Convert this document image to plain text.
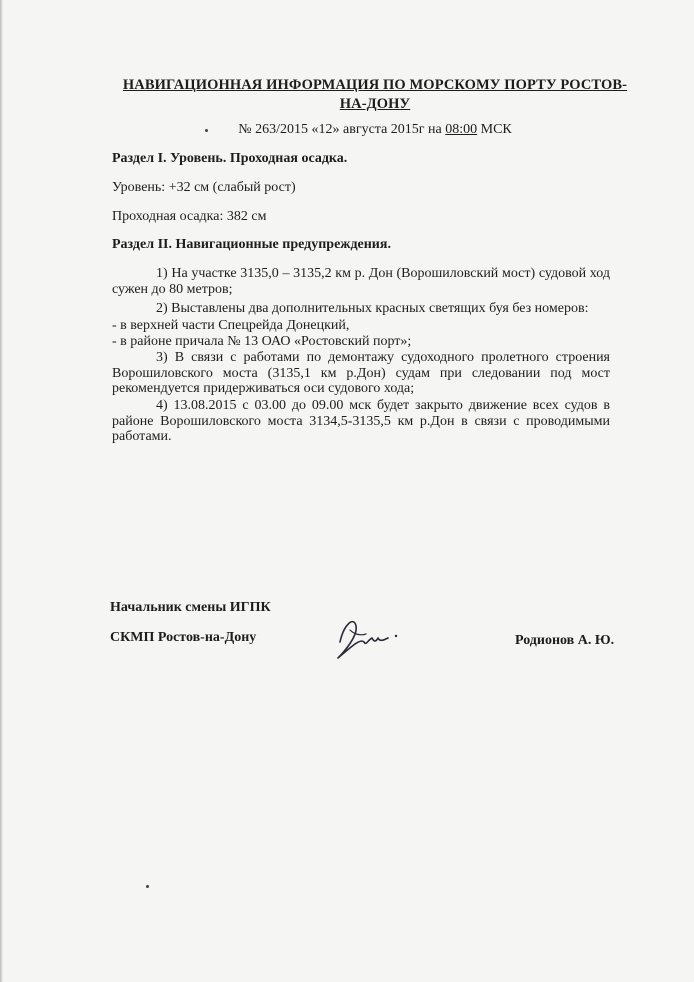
НАВИГАЦИОННАЯ ИНФОРМАЦИЯ ПО МОРСКОМУ ПОРТУ РОСТОВ-НА-ДОНУ
№ 263/2015 «12» августа 2015г на 08:00 МСК
Раздел I. Уровень. Проходная осадка.
Уровень: +32 см (слабый рост)
Проходная осадка: 382 см
Раздел II. Навигационные предупреждения.
1) На участке 3135,0 – 3135,2 км р. Дон (Ворошиловский мост) судовой ход сужен до 80 метров;
2) Выставлены два дополнительных красных светящих буя без номеров:
- в верхней части Спецрейда Донецкий,
- в районе причала № 13 ОАО «Ростовский порт»;
3) В связи с работами по демонтажу судоходного пролетного строения Ворошиловского моста (3135,1 км р.Дон) судам при следовании под мост рекомендуется придерживаться оси судового хода;
4) 13.08.2015 с 03.00 до 09.00 мск будет закрыто движение всех судов в районе Ворошиловского моста 3134,5-3135,5 км р.Дон в связи с проводимыми работами.
Начальник смены ИГПК
СКМП Ростов-на-Дону	Родионов А. Ю.
